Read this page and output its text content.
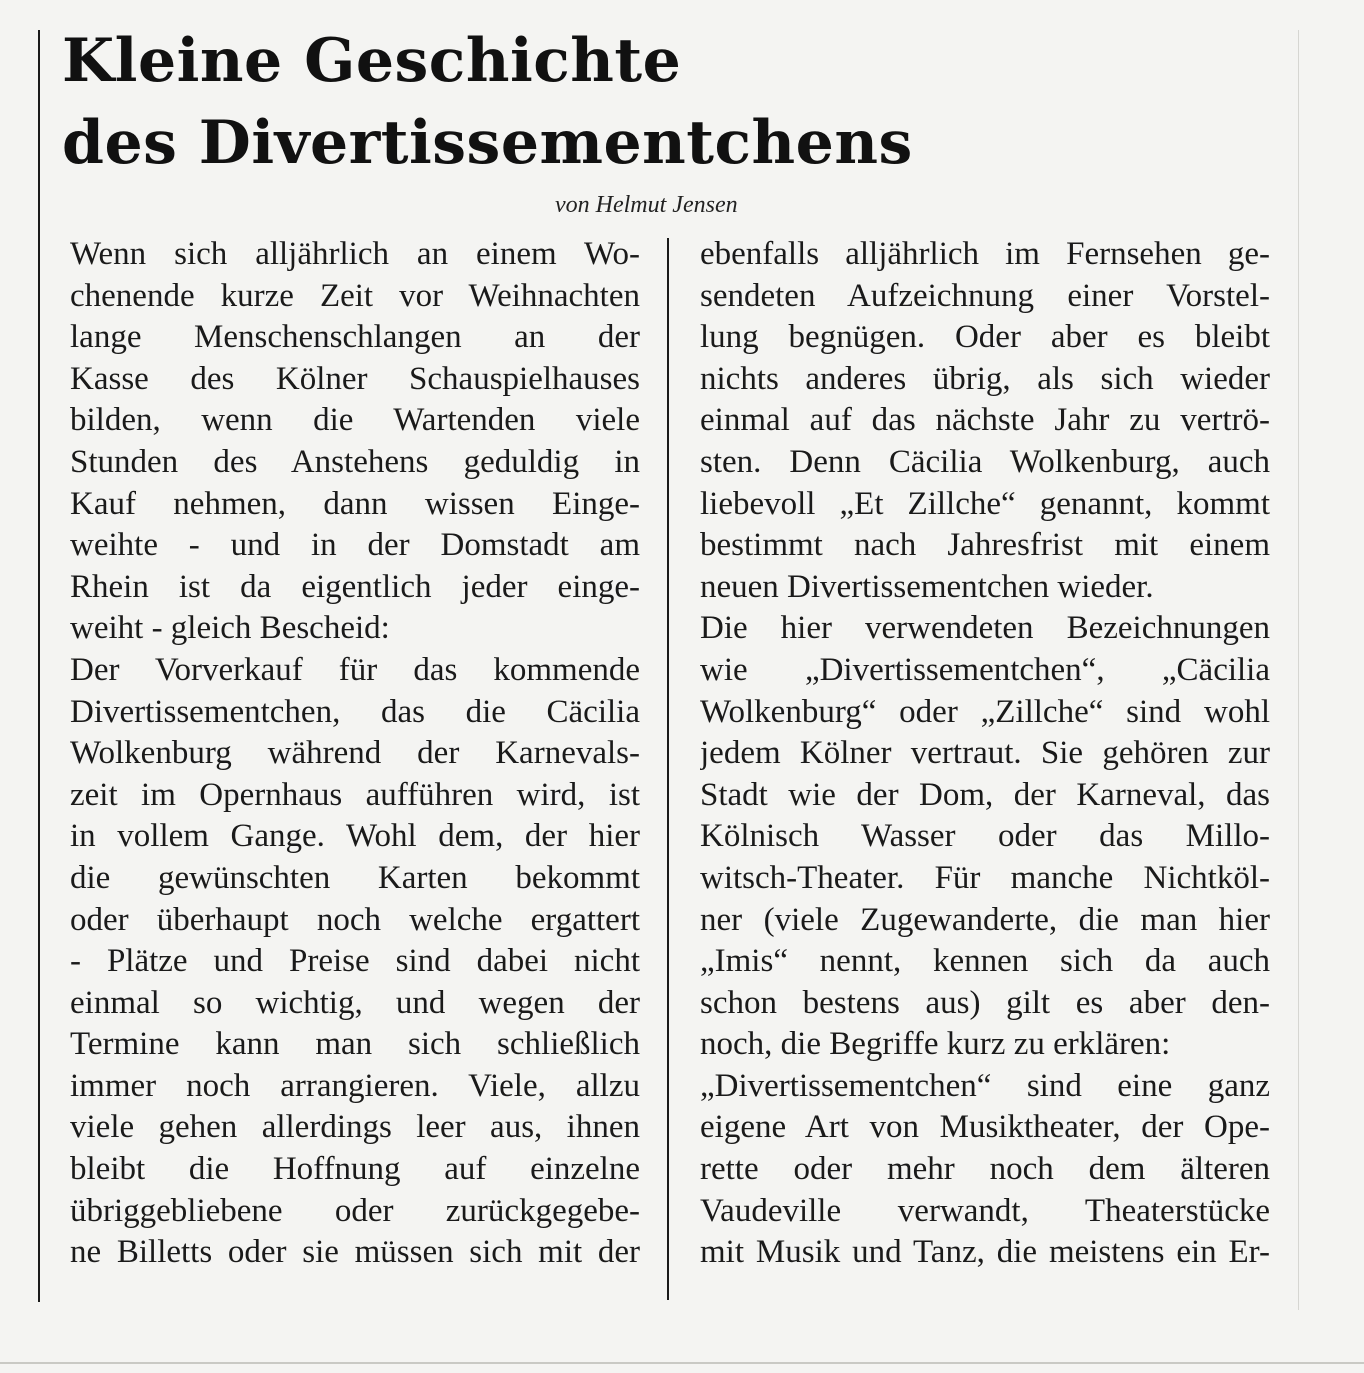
Kleine Geschichte
des Divertissementchens
von Helmut Jensen
Wenn sich alljährlich an einem Wo-
chenende kurze Zeit vor Weihnachten
lange Menschenschlangen an der
Kasse des Kölner Schauspielhauses
bilden, wenn die Wartenden viele
Stunden des Anstehens geduldig in
Kauf nehmen, dann wissen Einge-
weihte - und in der Domstadt am
Rhein ist da eigentlich jeder einge-
weiht - gleich Bescheid:
Der Vorverkauf für das kommende
Divertissementchen, das die Cäcilia
Wolkenburg während der Karnevals-
zeit im Opernhaus aufführen wird, ist
in vollem Gange. Wohl dem, der hier
die gewünschten Karten bekommt
oder überhaupt noch welche ergattert
- Plätze und Preise sind dabei nicht
einmal so wichtig, und wegen der
Termine kann man sich schließlich
immer noch arrangieren. Viele, allzu
viele gehen allerdings leer aus, ihnen
bleibt die Hoffnung auf einzelne
übriggebliebene oder zurückgegebe-
ne Billetts oder sie müssen sich mit der
ebenfalls alljährlich im Fernsehen ge-
sendeten Aufzeichnung einer Vorstel-
lung begnügen. Oder aber es bleibt
nichts anderes übrig, als sich wieder
einmal auf das nächste Jahr zu vertrö-
sten. Denn Cäcilia Wolkenburg, auch
liebevoll „Et Zillche“ genannt, kommt
bestimmt nach Jahresfrist mit einem
neuen Divertissementchen wieder.
Die hier verwendeten Bezeichnungen
wie „Divertissementchen“, „Cäcilia
Wolkenburg“ oder „Zillche“ sind wohl
jedem Kölner vertraut. Sie gehören zur
Stadt wie der Dom, der Karneval, das
Kölnisch Wasser oder das Millo-
witsch-Theater. Für manche Nichtköl-
ner (viele Zugewanderte, die man hier
„Imis“ nennt, kennen sich da auch
schon bestens aus) gilt es aber den-
noch, die Begriffe kurz zu erklären:
„Divertissementchen“ sind eine ganz
eigene Art von Musiktheater, der Ope-
rette oder mehr noch dem älteren
Vaudeville verwandt, Theaterstücke
mit Musik und Tanz, die meistens ein Er-
